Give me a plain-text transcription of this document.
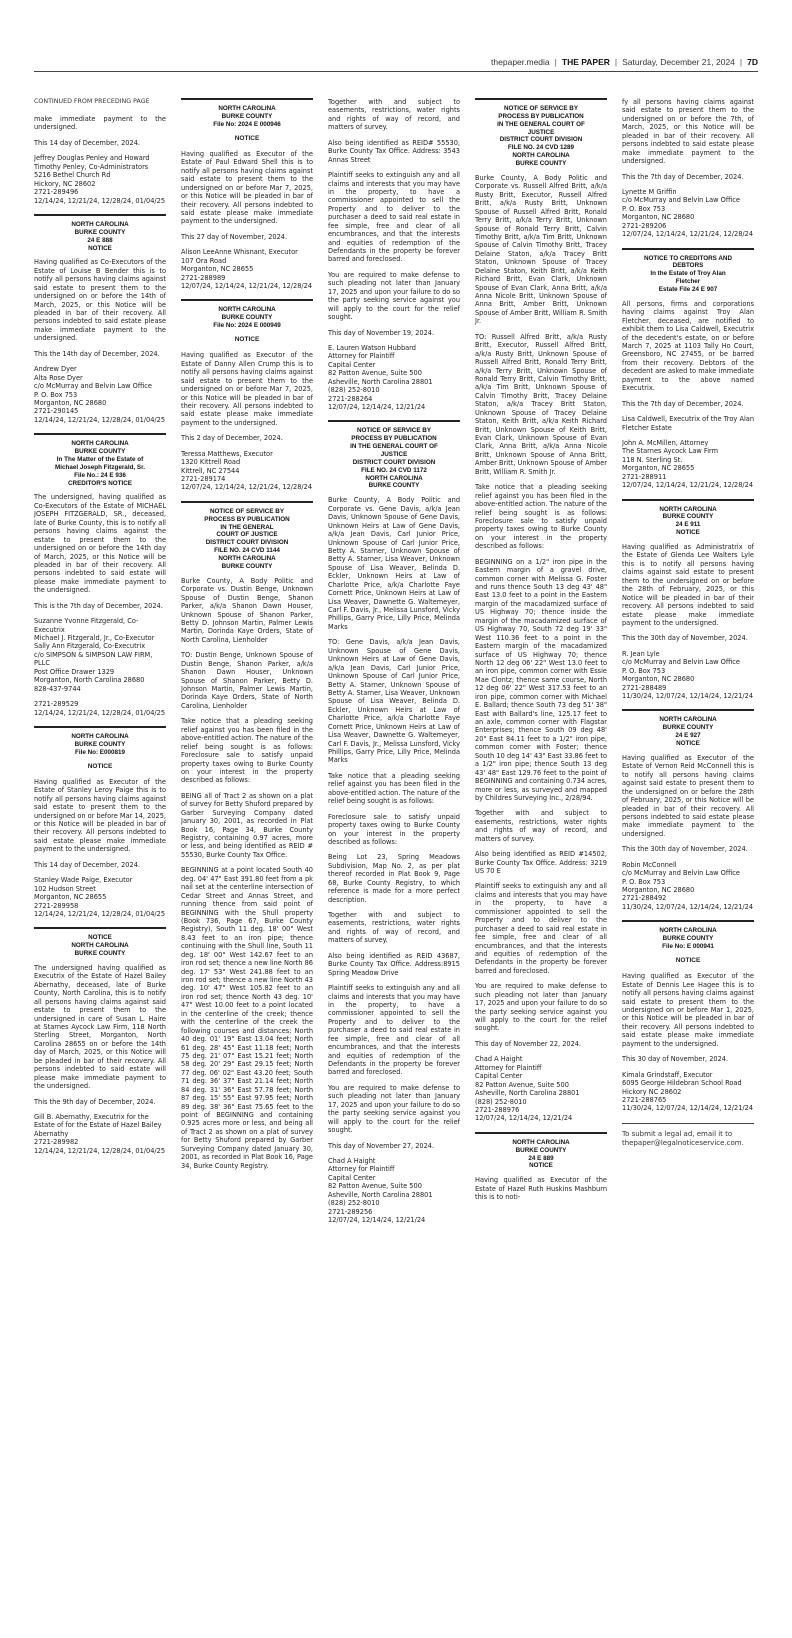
thepaper.media | THE PAPER | Saturday, December 21, 2024 | 7D
CONTINUED FROM PRECEDING PAGE

make immediate payment to the undersigned.

This 14 day of December, 2024.

Jeffrey Douglas Penley and Howard Timothy Penley, Co-Administrators
5216 Bethel Church Rd
Hickory, NC 28602
2721-289496
12/14/24, 12/21/24, 12/28/24, 01/04/25
NORTH CAROLINA
BURKE COUNTY
24 E 888
NOTICE

Having qualified as Co-Executors of the Estate of Louise B Bender this is to notify all persons having claims against said estate to present them to the undersigned on or before the 14th of March, 2025, or this Notice will be pleaded in bar of their recovery. All persons indebted to said estate please make immediate payment to the undersigned.

This the 14th day of December, 2024.

Andrew Dyer
Alta Rose Dyer
c/o McMurray and Belvin Law Office
P. O. Box 753
Morganton, NC 28680
2721-290145
12/14/24, 12/21/24, 12/28/24, 01/04/25
NORTH CAROLINA
BURKE COUNTY
In The Matter of the Estate of
Michael Joseph Fitzgerald, Sr.
File No.: 24 E 936
CREDITOR'S NOTICE

The undersigned, having qualified as Co-Executors of the Estate of MICHAEL JOSEPH FITZGERALD, SR., deceased, late of Burke County, this is to notify all persons having claims against the estate to present them to the undersigned on or before the 14th day of March, 2025, or this Notice will be pleaded in bar of their recovery. All persons indebted to said estate will please make immediate payment to the undersigned.

This is the 7th day of December, 2024.

Suzanne Yvonne Fitzgerald, Co-Executrix
Michael J. Fitzgerald, Jr., Co-Executor
Sally Ann Fitzgerald, Co-Executrix
c/o SIMPSON & SIMPSON LAW FIRM, PLLC
Post Office Drawer 1329
Morganton, North Carolina 28680
828-437-9744
2721-289529
12/14/24, 12/21/24, 12/28/24, 01/04/25
NORTH CAROLINA
BURKE COUNTY
File No: E000819
NOTICE

Having qualified as Executor of the Estate of Stanley Leroy Paige this is to notify all persons having claims against said estate to present them to the undersigned on or before Mar 14, 2025, or this Notice will be pleaded in bar of their recovery. All persons indebted to said estate please make immediate payment to the undersigned.

This 14 day of December, 2024.

Stanley Wade Paige, Executor
102 Hudson Street
Morganton, NC 28655
2721-289958
12/14/24, 12/21/24, 12/28/24, 01/04/25
NOTICE
NORTH CAROLINA
BURKE COUNTY

The undersigned having qualified as Executrix of the Estate of Hazel Bailey Abernathy, deceased, late of Burke County, North Carolina, this is to notify all persons having claims against said estate to present them to the undersigned in care of Susan L. Haire at Starnes Aycock Law Firm, 118 North Sterling Street, Morganton, North Carolina 28655 on or before the 14th day of March, 2025, or this Notice will be pleaded in bar of their recovery. All persons indebted to said estate will please make immediate payment to the undersigned.

This the 9th day of December, 2024.

Gill B. Abernathy, Executrix for the Estate of for the Estate of Hazel Bailey Abernathy
2721-289982
12/14/24, 12/21/24, 12/28/24, 01/04/25
NORTH CAROLINA
BURKE COUNTY
File No: 2024 E 000946
NOTICE

Having qualified as Executor of the Estate of Paul Edward Shell this is to notify all persons having claims against said estate to present them to the undersigned on or before Mar 7, 2025, or this Notice will be pleaded in bar of their recovery. All persons indebted to said estate please make immediate payment to the undersigned.

This 27 day of November, 2024.

Alison LeeAnne Whisnant, Executor
107 Ora Road
Morganton, NC 28655
2721-288989
12/07/24, 12/14/24, 12/21/24, 12/28/24
NORTH CAROLINA
BURKE COUNTY
File No: 2024 E 000949
NOTICE

Having qualified as Executor of the Estate of Danny Allen Crump this is to notify all persons having claims against said estate to present them to the undersigned on or before Mar 7, 2025, or this Notice will be pleaded in bar of their recovery. All persons indebted to said estate please make immediate payment to the undersigned.

This 2 day of December, 2024.

Teressa Matthews, Executor
1320 Kittrell Road
Kittrell, NC 27544
2721-289174
12/07/24, 12/14/24, 12/21/24, 12/28/24
NOTICE OF SERVICE BY
PROCESS BY PUBLICATION
IN THE GENERAL
COURT OF JUSTICE
DISTRICT COURT DIVISION
FILE NO. 24 CVD 1144
NORTH CAROLINA
BURKE COUNTY

Burke County, A Body Politic and Corporate vs. Dustin Benge, Unknown Spouse of Dustin Benge, Shanon Parker, a/k/a Shanon Dawn Houser, Unknown Spouse of Shanon Parker, Betty D. Johnson Martin, Palmer Lewis Martin, Dorinda Kaye Orders, State of North Carolina, Lienholder

TO: Dustin Benge, Unknown Spouse of Dustin Benge, Shanon Parker, a/k/a Shanon Dawn Houser, Unknown Spouse of Shanon Parker, Betty D. Johnson Martin, Palmer Lewis Martin, Dorinda Kaye Orders, State of North Carolina, Lienholder

Take notice that a pleading seeking relief against you has been filed in the above-entitled action. The nature of the relief being sought is as follows: Foreclosure sale to satisfy unpaid property taxes owing to Burke County on your interest in the property described as follows:

BEING all of Tract 2 as shown on a plat of survey for Betty Shuford prepared by Garber Surveying Company dated January 30, 2001, as recorded in Plat Book 16, Page 34, Burke County Registry, containing 0.97 acres, more or less, and being identified as REID # 55530, Burke County Tax Office.

BEGINNING at a point located South 40 deg. 04' 47" East 391.80 feet from a pk nail set at the centerline intersection of Cedar Street and Annas Street, and running thence from said point of BEGINNING with the Shull property (Book 736, Page 67, Burke County Registry), South 11 deg. 18' 00" West 8.43 feet to an iron pipe; thence continuing with the Shull line, South 11 deg. 18' 00" West 142.67 feet to an iron rod set; thence a new line North 86 deg. 17' 53" West 241.88 feet to an iron rod set; thence a new line North 43 deg. 10' 47" West 105.82 feet to an iron rod set; thence North 43 deg. 10' 47" West 10.00 feet to a point located in the centerline of the creek; thence with the centerline of the creek the following courses and distances: North 40 deg. 01' 19" East 13.04 feet; North 61 deg. 28' 45" East 11.18 feet; North 75 deg. 21' 07" East 15.21 feet; North 58 deg. 20' 29" East 29.15 feet; North 77 deg. 06' 02" East 43.20 feet; South 71 deg. 36' 37" East 21.14 feet; North 84 deg. 31' 36" East 57.78 feet; North 87 deg. 15' 55" East 97.95 feet; North 89 deg. 38' 36" East 75.65 feet to the point of BEGINNING and containing 0.925 acres more or less, and being all of Tract 2 as shown on a plat of survey for Betty Shuford prepared by Garber Surveying Company dated January 30, 2001, as recorded in Plat Book 16, Page 34, Burke County Registry.

Together with and subject to easements, restrictions, water rights and rights of way of record, and matters of survey.

Also being identified as REID# 55530, Burke County Tax Office. Address: 3543 Annas Street

Plaintiff seeks to extinguish any and all claims and interests that you may have in the property, to have a commissioner appointed to sell the Property and to deliver to the purchaser a deed to said real estate in fee simple, free and clear of all encumbrances, and that the interests and equities of redemption of the Defendants in the property be forever barred and foreclosed.

You are required to make defense to such pleading not later than January 17, 2025 and upon your failure to do so the party seeking service against you will apply to the court for the relief sought.

This day of November 19, 2024.

E. Lauren Watson Hubbard
Attorney for Plaintiff
Capital Center
82 Patton Avenue, Suite 500
Asheville, North Carolina 28801
(828) 252-8010
2721-288264
12/07/24, 12/14/24, 12/21/24
NOTICE OF SERVICE BY
PROCESS BY PUBLICATION
IN THE GENERAL COURT OF
JUSTICE
DISTRICT COURT DIVISION
FILE NO. 24 CVD 1172
NORTH CAROLINA
BURKE COUNTY

Burke County, A Body Politic and Corporate vs. Gene Davis, a/k/a Jean Davis, Unknown Spouse of Gene Davis, Unknown Heirs at Law of Gene Davis, a/k/a Jean Davis, Carl Junior Price, Unknown Spouse of Carl Junior Price, Betty A. Starner, Unknown Spouse of Betty A. Starner, Lisa Weaver, Unknown Spouse of Lisa Weaver, Belinda D. Eckler, Unknown Heirs at Law of Charlotte Price, a/k/a Charlotte Faye Cornett Price, Unknown Heirs at Law of Lisa Weaver, Dawnette G. Waltemeyer, Carl F. Davis, Jr., Melissa Lunsford, Vicky Phillips, Garry Price, Lilly Price, Melinda Marks

TO: Gene Davis, a/k/a Jean Davis, Unknown Spouse of Gene Davis, Unknown Heirs at Law of Gene Davis, a/k/a Jean Davis, Carl Junior Price, Unknown Spouse of Carl Junior Price, Betty A. Starner, Unknown Spouse of Betty A. Starner, Lisa Weaver, Unknown Spouse of Lisa Weaver, Belinda D. Eckler, Unknown Heirs at Law of Charlotte Price, a/k/a Charlotte Faye Cornett Price, Unknown Heirs at Law of Lisa Weaver, Dawnette G. Waltemeyer, Carl F. Davis, Jr., Melissa Lunsford, Vicky Phillips, Garry Price, Lilly Price, Melinda Marks

Take notice that a pleading seeking relief against you has been filed in the above-entitled action. The nature of the relief being sought is as follows:

Foreclosure sale to satisfy unpaid property taxes owing to Burke County on your interest in the property described as follows:

Being Lot 23, Spring Meadows Subdivision, Map No. 2, as per plat thereof recorded in Plat Book 9, Page 68, Burke County Registry, to which reference is made for a more perfect description.

Together with and subject to easements, restrictions, water rights and rights of way of record, and matters of survey.

Also being identified as REID 43687, Burke County Tax Office. Address:8915 Spring Meadow Drive

Plaintiff seeks to extinguish any and all claims and interests that you may have in the property, to have a commissioner appointed to sell the Property and to deliver to the purchaser a deed to said real estate in fee simple, free and clear of all encumbrances, and that the interests and equities of redemption of the Defendants in the property be forever barred and foreclosed.

You are required to make defense to such pleading not later than January 17, 2025 and upon your failure to do so the party seeking service against you will apply to the court for the relief sought.

This day of November 27, 2024.

Chad A Haight
Attorney for Plaintiff
Capital Center
82 Patton Avenue, Suite 500
Asheville, North Carolina 28801
(828) 252-8010
2721-289256
12/07/24, 12/14/24, 12/21/24
NOTICE OF SERVICE BY
PROCESS BY PUBLICATION
IN THE GENERAL COURT OF
JUSTICE
DISTRICT COURT DIVISION
FILE NO. 24 CVD 1289
NORTH CAROLINA
BURKE COUNTY

Burke County, A Body Politic and Corporate vs. Russell Alfred Britt, a/k/a Rusty Britt, Executor, Russell Alfred Britt, a/k/a Rusty Britt, Unknown Spouse of Russell Alfred Britt, Ronald Terry Britt, a/k/a Terry Britt, Unknown Spouse of Ronald Terry Britt, Calvin Timothy Britt, a/k/a Tim Britt, Unknown Spouse of Calvin Timothy Britt, Tracey Delaine Staton, a/k/a Tracey Britt Staton, Unknown Spouse of Tracey Delaine Staton, Keith Britt, a/k/a Keith Richard Britt, Evan Clark, Unknown Spouse of Evan Clark, Anna Britt, a/k/a Anna Nicole Britt, Unknown Spouse of Anna Britt, Amber Britt, Unknown Spouse of Amber Britt, William R. Smith Jr.

TO: Russell Alfred Britt, a/k/a Rusty Britt, Executor, Russell Alfred Britt, a/k/a Rusty Britt, Unknown Spouse of Russell Alfred Britt, Ronald Terry Britt, a/k/a Terry Britt, Unknown Spouse of Ronald Terry Britt, Calvin Timothy Britt, a/k/a Tim Britt, Unknown Spouse of Calvin Timothy Britt, Tracey Delaine Staton, a/k/a Tracey Britt Staton, Unknown Spouse of Tracey Delaine Staton, Keith Britt, a/k/a Keith Richard Britt, Unknown Spouse of Keith Britt, Evan Clark, Unknown Spouse of Evan Clark, Anna Britt, a/k/a Anna Nicole Britt, Unknown Spouse of Anna Britt, Amber Britt, Unknown Spouse of Amber Britt, William R. Smith Jr.

Take notice that a pleading seeking relief against you has been filed in the above-entitled action. The nature of the relief being sought is as follows: Foreclosure sale to satisfy unpaid property taxes owing to Burke County on your interest in the property described as follows:

BEGINNING on a 1/2" iron pipe in the Eastern margin of a gravel drive, common corner with Melissa G. Foster and runs thence South 13 deg 43' 48" East 13.0 feet to a point in the Eastern margin of the macadamized surface of US Highway 70; thence inside the margin of the macadamized surface of US Highway 70, South 72 deg 19' 33" West 110.36 feet to a point in the Eastern margin of the macadamized surface of US Highway 70; thence North 12 deg 06' 22" West 13.0 feet to an iron pipe, common corner with Essie Mae Clontz; thence same course, North 12 deg 06' 22" West 317.53 feet to an iron pipe, common corner with Michael E. Ballard; thence South 73 deg 51' 38" East with Ballard's line, 125.17 feet to an axle, common corner with Flagstar Enterprises; thence South 09 deg 48' 20" East 84.11 feet to a 1/2" iron pipe, common corner with Foster; thence South 10 deg 14' 43" East 33.86 feet to a 1/2" iron pipe; thence South 13 deg 43' 48" East 129.76 feet to the point of BEGINNING and containing 0.734 acres, more or less, as surveyed and mapped by Childres Surveying Inc., 2/28/94.

Together with and subject to easements, restrictions, water rights and rights of way of record, and matters of survey.

Also being identified as REID #14502, Burke County Tax Office. Address: 3219 US 70 E

Plaintiff seeks to extinguish any and all claims and interests that you may have in the property, to have a commissioner appointed to sell the Property and to deliver to the purchaser a deed to said real estate in fee simple, free and clear of all encumbrances, and that the interests and equities of redemption of the Defendants in the property be forever barred and foreclosed.

You are required to make defense to such pleading not later than January 17, 2025 and upon your failure to do so the party seeking service against you will apply to the court for the relief sought.

This day of November 22, 2024.

Chad A Haight
Attorney for Plaintiff
Capital Center
82 Patton Avenue, Suite 500
Asheville, North Carolina 28801
(828) 252-8010
2721-288976
12/07/24, 12/14/24, 12/21/24
NORTH CAROLINA
BURKE COUNTY
24 E 889
NOTICE

Having qualified as Executor of the Estate of Hazel Ruth Huskins Mashburn this is to noti-

fy all persons having claims against said estate to present them to the undersigned on or before the 7th, of March, 2025, or this Notice will be pleaded in bar of their recovery. All persons indebted to said estate please make immediate payment to the undersigned.

This the 7th day of December, 2024.

Lynette M Griffin
c/o McMurray and Belvin Law Office
P. O. Box 753
Morganton, NC 28680
2721-289206
12/07/24, 12/14/24, 12/21/24, 12/28/24
NOTICE TO CREDITORS AND
DEBTORS
In the Estate of Troy Alan
Fletcher
Estate File 24 E 907

All persons, firms and corporations having claims against Troy Alan Fletcher, deceased, are notified to exhibit them to Lisa Caldwell, Executrix of the decedent's estate, on or before March 7, 2025 at 1103 Tally Ho Court, Greensboro, NC 27455, or be barred from their recovery. Debtors of the decedent are asked to make immediate payment to the above named Executrix.

This the 7th day of December, 2024.

Lisa Caldwell, Executrix of the Troy Alan Fletcher Estate

John A. McMillen, Attorney
The Starnes Aycock Law Firm
118 N. Sterling St.
Morganton, NC 28655
2721-288911
12/07/24, 12/14/24, 12/21/24, 12/28/24
NORTH CAROLINA
BURKE COUNTY
24 E 911
NOTICE

Having qualified as Administratrix of the Estate of Glenda Lee Walters Lyle this is to notify all persons having claims against said estate to present them to the undersigned on or before the 28th of February, 2025, or this Notice will be pleaded in bar of their recovery. All persons indebted to said estate please make immediate payment to the undersigned.

This the 30th day of November, 2024.

R. Jean Lyle
c/o McMurray and Belvin Law Office
P. O. Box 753
Morganton, NC 28680
2721-288489
11/30/24, 12/07/24, 12/14/24, 12/21/24
NORTH CAROLINA
BURKE COUNTY
24 E 927
NOTICE

Having qualified as Executor of the Estate of Vernon Reid McConnell this is to notify all persons having claims against said estate to present them to the undersigned on or before the 28th of February, 2025, or this Notice will be pleaded in bar of their recovery. All persons indebted to said estate please make immediate payment to the undersigned.

This the 30th day of November, 2024.

Robin McConnell
c/o McMurray and Belvin Law Office
P. O. Box 753
Morganton, NC 28680
2721-288492
11/30/24, 12/07/24, 12/14/24, 12/21/24
NORTH CAROLINA
BURKE COUNTY
File No: E 000941
NOTICE

Having qualified as Executor of the Estate of Dennis Lee Hagee this is to notify all persons having claims against said estate to present them to the undersigned on or before Mar 1, 2025, or this Notice will be pleaded in bar of their recovery. All persons indebted to said estate please make immediate payment to the undersigned.

This 30 day of November, 2024.

Kimala Grindstaff, Executor
6095 George Hildebran School Road
Hickory NC 28602
2721-288765
11/30/24, 12/07/24, 12/14/24, 12/21/24
To submit a legal ad, email it to thepaper@legalnoticeservice.com.
